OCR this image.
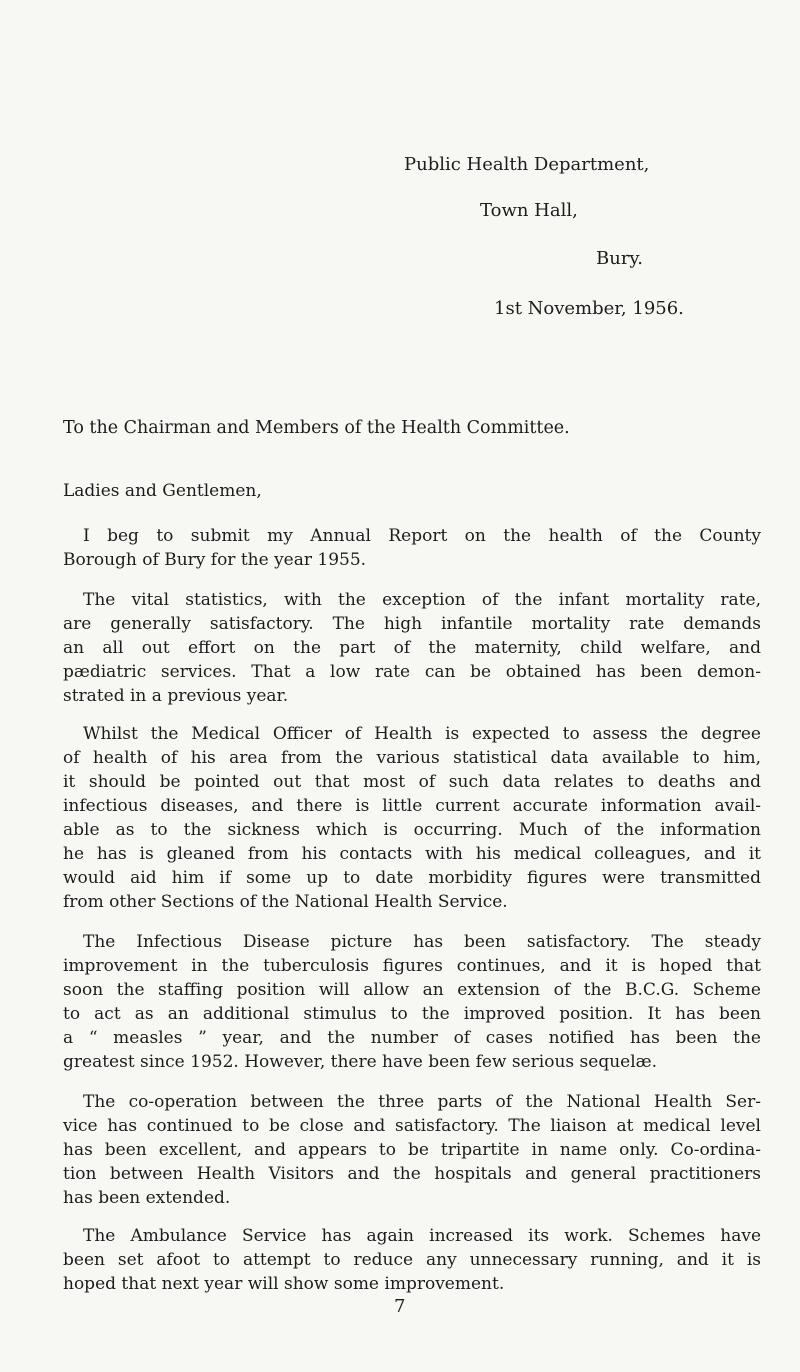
Public Health Department,
Town Hall,
Bury.
1st November, 1956.
To the Chairman and Members of the Health Committee.
Ladies and Gentlemen,
I beg to submit my Annual Report on the health of the County
Borough of Bury for the year 1955.
The vital statistics, with the exception of the infant mortality rate,
are generally satisfactory. The high infantile mortality rate demands
an all out effort on the part of the maternity, child welfare, and
pædiatric services. That a low rate can be obtained has been demon-
strated in a previous year.
Whilst the Medical Officer of Health is expected to assess the degree
of health of his area from the various statistical data available to him,
it should be pointed out that most of such data relates to deaths and
infectious diseases, and there is little current accurate information avail-
able as to the sickness which is occurring. Much of the information
he has is gleaned from his contacts with his medical colleagues, and it
would aid him if some up to date morbidity figures were transmitted
from other Sections of the National Health Service.
The Infectious Disease picture has been satisfactory. The steady
improvement in the tuberculosis figures continues, and it is hoped that
soon the staffing position will allow an extension of the B.C.G. Scheme
to act as an additional stimulus to the improved position. It has been
a “ measles ” year, and the number of cases notified has been the
greatest since 1952. However, there have been few serious sequelæ.
The co-operation between the three parts of the National Health Ser-
vice has continued to be close and satisfactory. The liaison at medical level
has been excellent, and appears to be tripartite in name only. Co-ordina-
tion between Health Visitors and the hospitals and general practitioners
has been extended.
The Ambulance Service has again increased its work. Schemes have
been set afoot to attempt to reduce any unnecessary running, and it is
hoped that next year will show some improvement.
7
